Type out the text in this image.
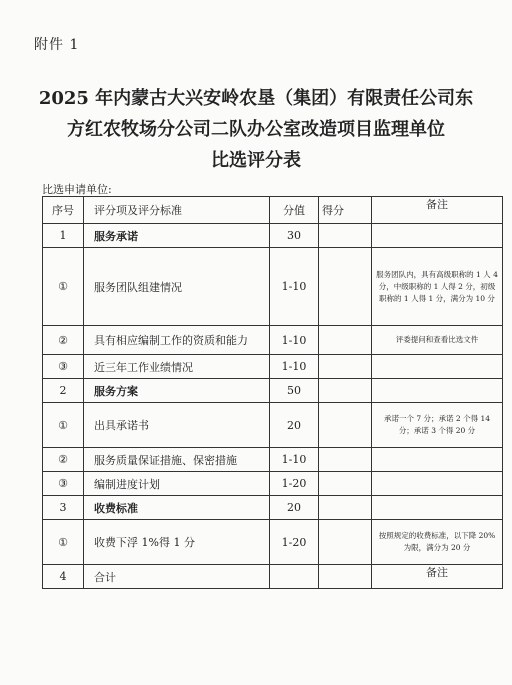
附件 1
2025 年内蒙古大兴安岭农垦（集团）有限责任公司东
方红农牧场分公司二队办公室改造项目监理单位
比选评分表
比选申请单位:
序号	评分项及评分标准	分值	得分	备注
1	服务承诺	30		
①	服务团队组建情况	1-10		服务团队内，具有高级职称的 1 人 4 分，中级职称的 1 人得 2 分，初级职称的 1 人得 1 分，满分为 10 分
②	具有相应编制工作的资质和能力	1-10		评委提问和查看比选文件
③	近三年工作业绩情况	1-10		
2	服务方案	50		
①	出具承诺书	20		承诺一个 7 分；承诺 2 个得 14 分；承诺 3 个得 20 分
②	服务质量保证措施、保密措施	1-10		
③	编制进度计划	1-20		
3	收费标准	20		
①	收费下浮 1%得 1 分	1-20		按照规定的收费标准，以下降 20%为限，满分为 20 分
4	合计			备注
